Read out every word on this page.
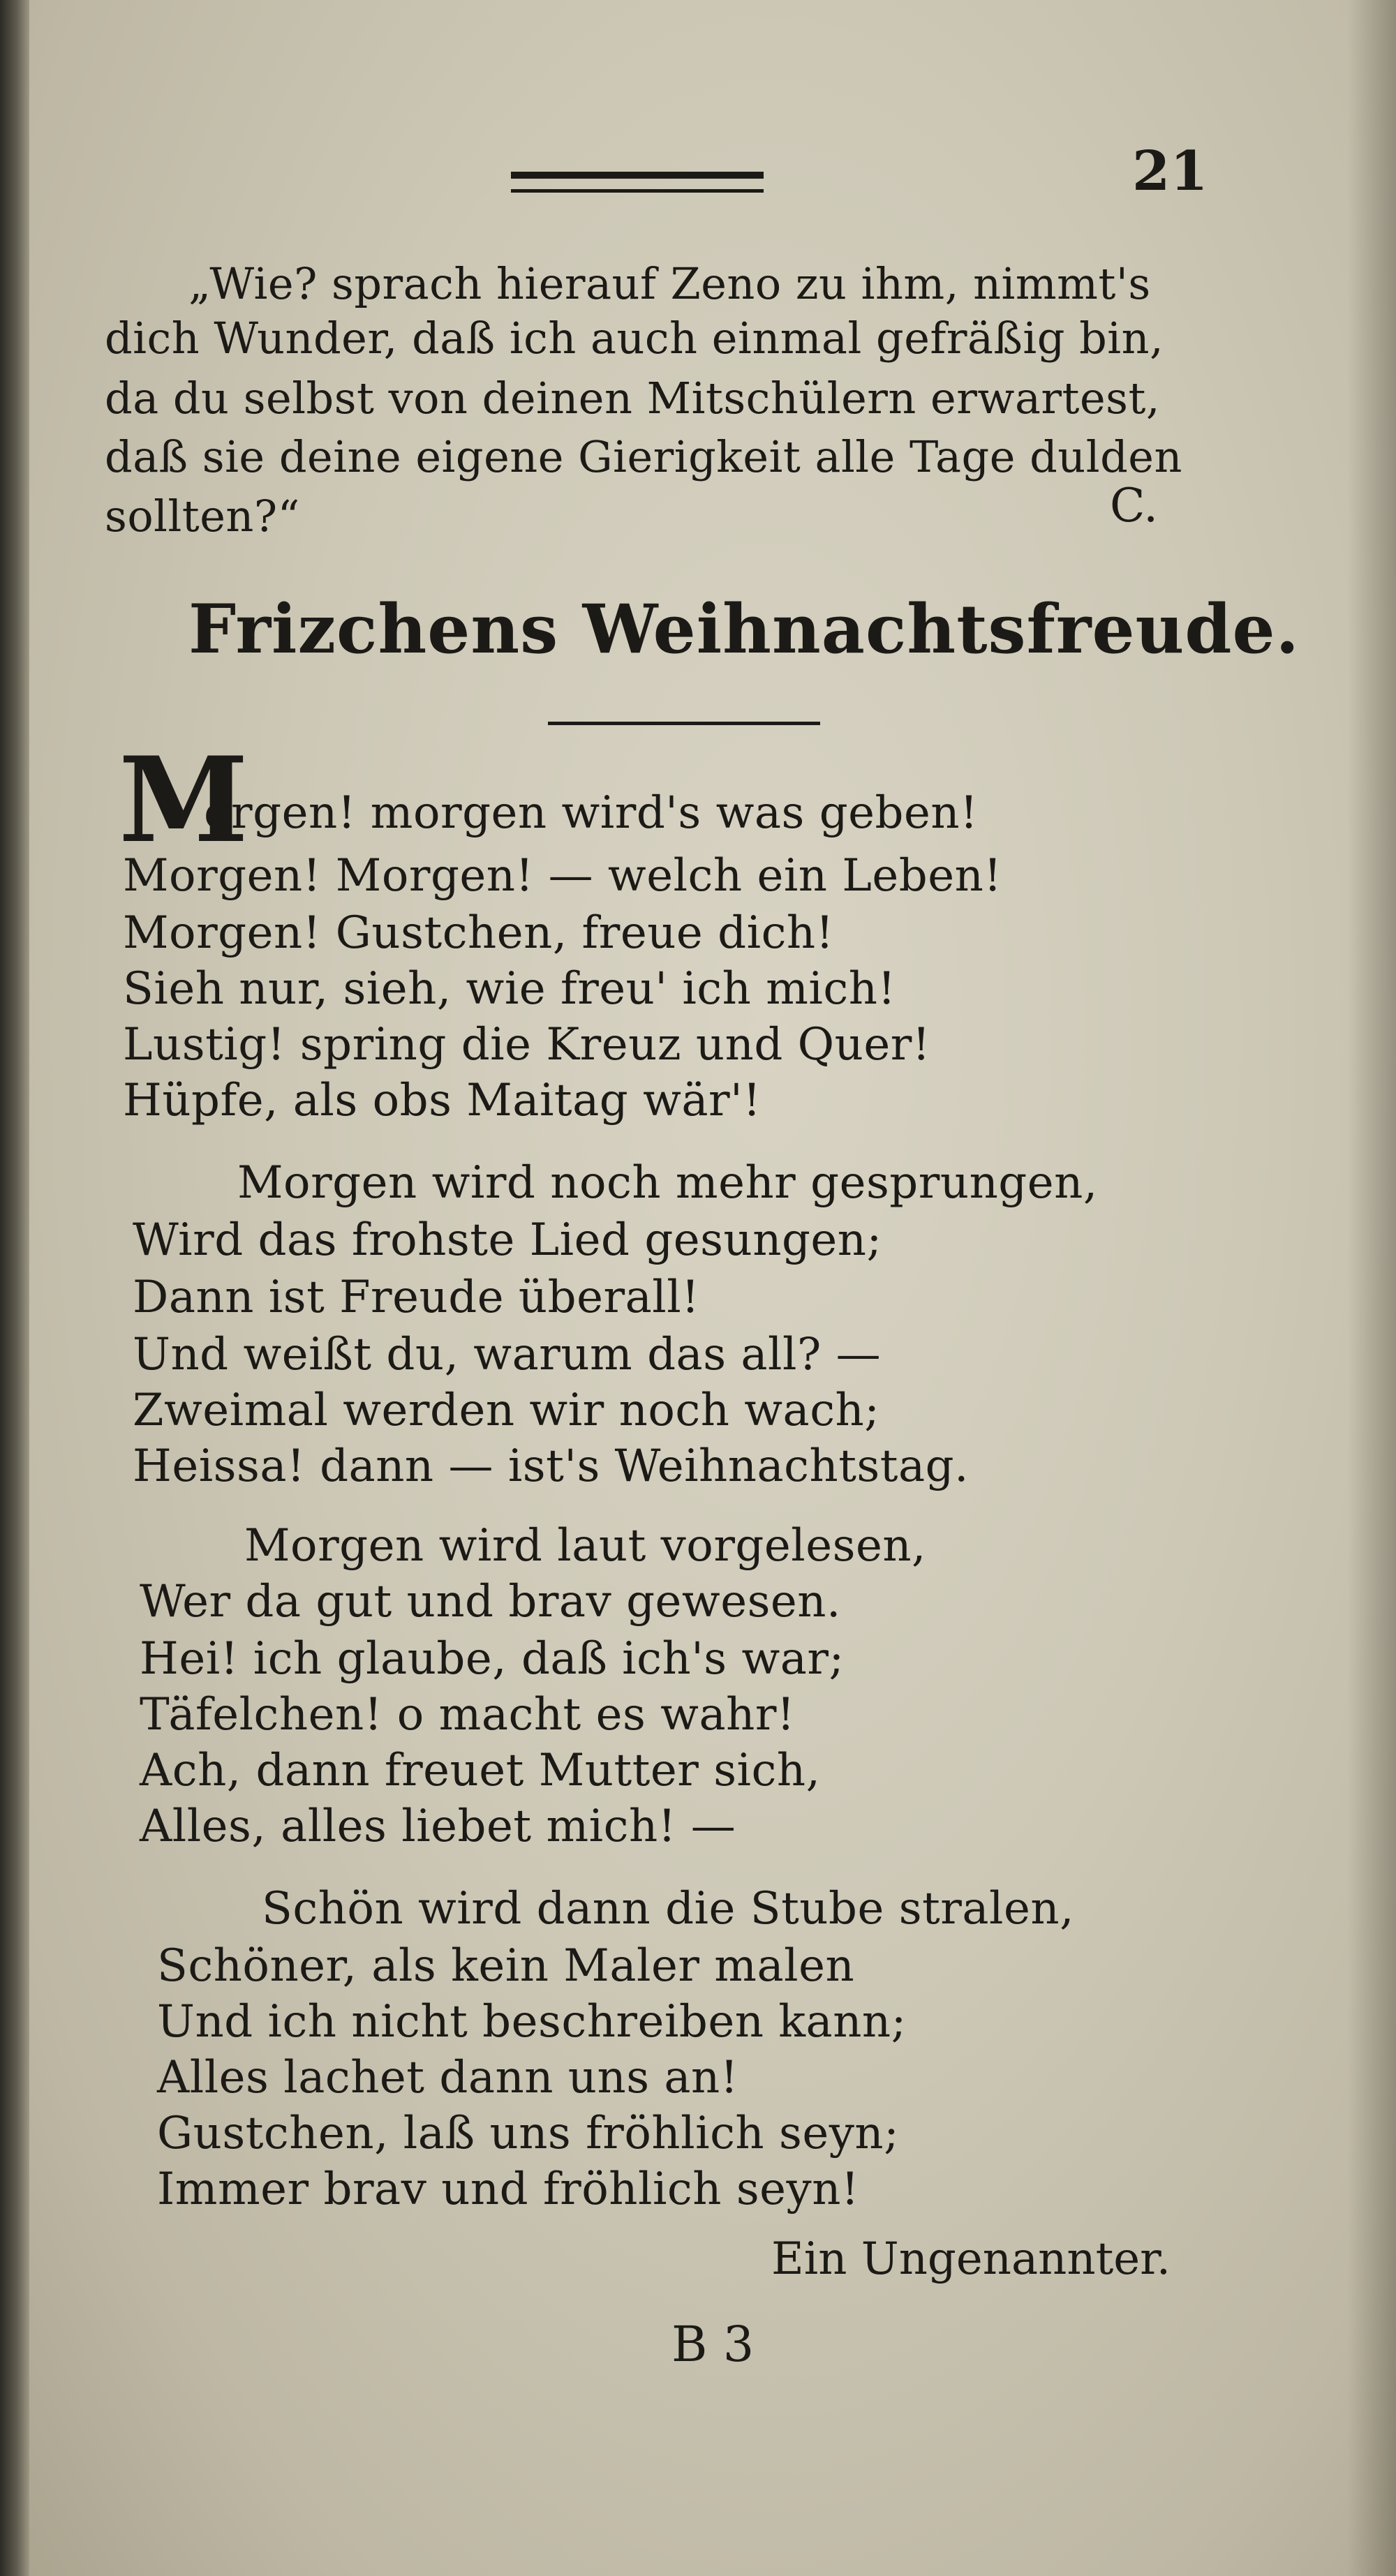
21
„Wie? sprach hierauf Zeno zu ihm, nimmt's
dich Wunder, daß ich auch einmal gefräßig bin,
da du selbst von deinen Mitschülern erwartest,
daß sie deine eigene Gierigkeit alle Tage dulden
sollten?“	C.
Frizchens Weihnachtsfreude.
M
orgen! morgen wird's was geben!
Morgen! Morgen! — welch ein Leben!
Morgen! Gustchen, freue dich!
Sieh nur, sieh, wie freu' ich mich!
Lustig! spring die Kreuz und Quer!
Hüpfe, als obs Maitag wär'!
Morgen wird noch mehr gesprungen,
Wird das frohste Lied gesungen;
Dann ist Freude überall!
Und weißt du, warum das all? —
Zweimal werden wir noch wach;
Heissa! dann — ist's Weihnachtstag.
Morgen wird laut vorgelesen,
Wer da gut und brav gewesen.
Hei! ich glaube, daß ich's war;
Täfelchen! o macht es wahr!
Ach, dann freuet Mutter sich,
Alles, alles liebet mich! —
Schön wird dann die Stube stralen,
Schöner, als kein Maler malen
Und ich nicht beschreiben kann;
Alles lachet dann uns an!
Gustchen, laß uns fröhlich seyn;
Immer brav und fröhlich seyn!
Ein Ungenannter.
B 3
